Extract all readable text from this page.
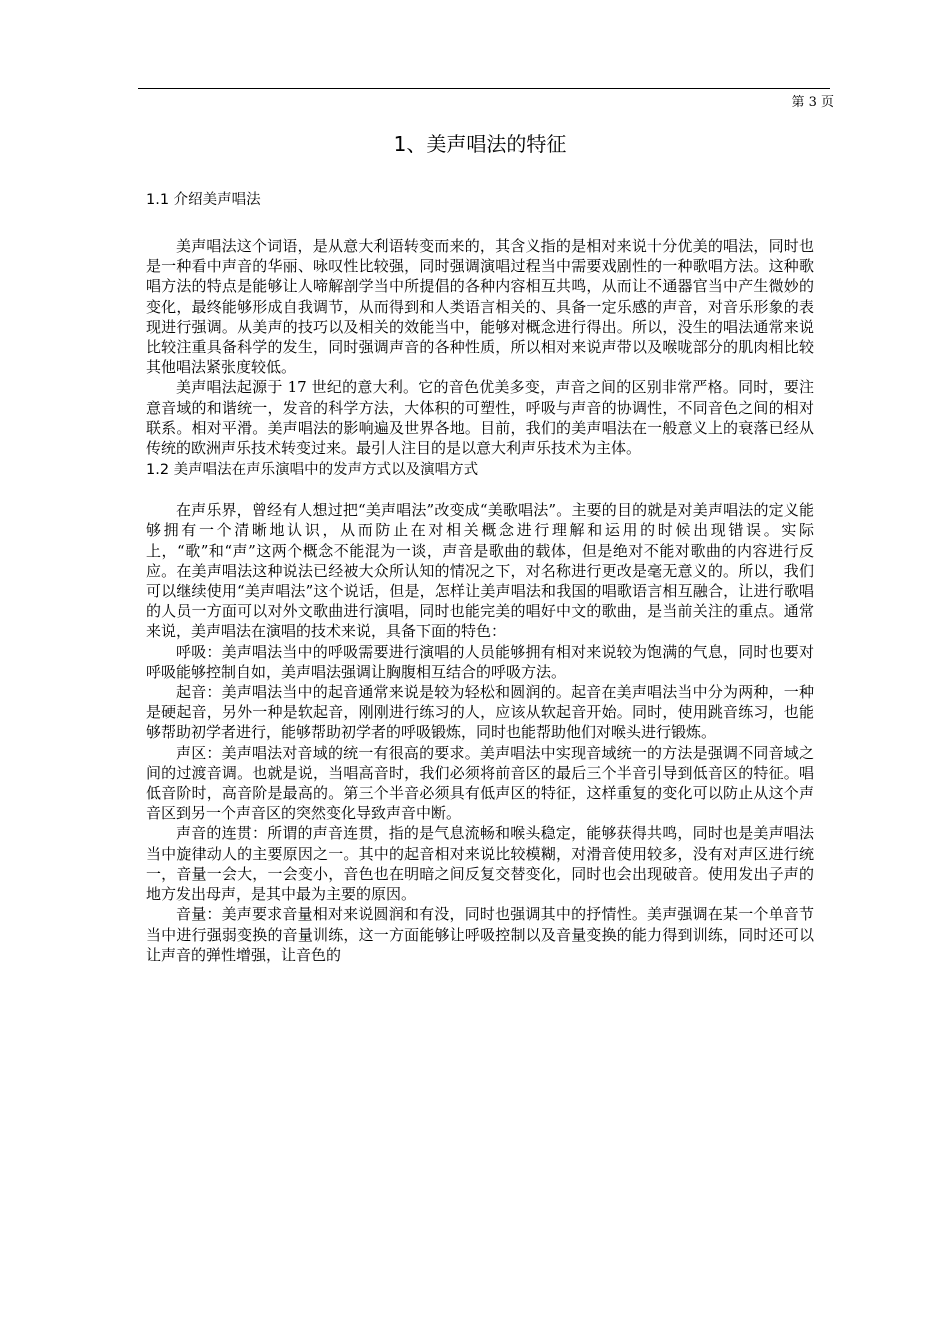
第 3 页
1、美声唱法的特征
1.1 介绍美声唱法

美声唱法这个词语，是从意大利语转变而来的，其含义指的是相对来说十分优美的唱法，同时也是一种看中声音的华丽、咏叹性比较强，同时强调演唱过程当中需要戏剧性的一种歌唱方法。这种歌唱方法的特点是能够让人啼解剖学当中所提倡的各种内容相互共鸣，从而让不通器官当中产生微妙的变化，最终能够形成自我调节，从而得到和人类语言相关的、具备一定乐感的声音，对音乐形象的表现进行强调。从美声的技巧以及相关的效能当中，能够对概念进行得出。所以，没生的唱法通常来说比较注重具备科学的发生，同时强调声音的各种性质，所以相对来说声带以及喉咙部分的肌肉相比较其他唱法紧张度较低。

美声唱法起源于 17 世纪的意大利。它的音色优美多变，声音之间的区别非常严格。同时，要注意音域的和谐统一，发音的科学方法，大体积的可塑性，呼吸与声音的协调性，不同音色之间的相对联系。相对平滑。美声唱法的影响遍及世界各地。目前，我们的美声唱法在一般意义上的衰落已经从传统的欧洲声乐技术转变过来。最引人注目的是以意大利声乐技术为主体。

1.2 美声唱法在声乐演唱中的发声方式以及演唱方式

在声乐界，曾经有人想过把“美声唱法”改变成“美歌唱法”。主要的目的就是对美声唱法的定义能够拥有一个清晰地认识，从而防止在对相关概念进行理解和运用的时候出现错误。实际上，“歌”和“声”这两个概念不能混为一谈，声音是歌曲的载体，但是绝对不能对歌曲的内容进行反应。在美声唱法这种说法已经被大众所认知的情况之下，对名称进行更改是毫无意义的。所以，我们可以继续使用“美声唱法”这个说话，但是，怎样让美声唱法和我国的唱歌语言相互融合，让进行歌唱的人员一方面可以对外文歌曲进行演唱，同时也能完美的唱好中文的歌曲，是当前关注的重点。通常来说，美声唱法在演唱的技术来说，具备下面的特色：

呼吸：美声唱法当中的呼吸需要进行演唱的人员能够拥有相对来说较为饱满的气息，同时也要对呼吸能够控制自如，美声唱法强调让胸腹相互结合的呼吸方法。

起音：美声唱法当中的起音通常来说是较为轻松和圆润的。起音在美声唱法当中分为两种，一种是硬起音，另外一种是软起音，刚刚进行练习的人，应该从软起音开始。同时，使用跳音练习，也能够帮助初学者进行，能够帮助初学者的呼吸锻炼，同时也能帮助他们对喉头进行锻炼。

声区：美声唱法对音域的统一有很高的要求。美声唱法中实现音域统一的方法是强调不同音域之间的过渡音调。也就是说，当唱高音时，我们必须将前音区的最后三个半音引导到低音区的特征。唱低音阶时，高音阶是最高的。第三个半音必须具有低声区的特征，这样重复的变化可以防止从这个声音区到另一个声音区的突然变化导致声音中断。

声音的连贯：所谓的声音连贯，指的是气息流畅和喉头稳定，能够获得共鸣，同时也是美声唱法当中旋律动人的主要原因之一。其中的起音相对来说比较模糊，对滑音使用较多，没有对声区进行统一，音量一会大，一会变小，音色也在明暗之间反复交替变化，同时也会出现破音。使用发出子声的地方发出母声，是其中最为主要的原因。

音量：美声要求音量相对来说圆润和有没，同时也强调其中的抒情性。美声强调在某一个单音节当中进行强弱变换的音量训练，这一方面能够让呼吸控制以及音量变换的能力得到训练，同时还可以让声音的弹性增强，让音色的
